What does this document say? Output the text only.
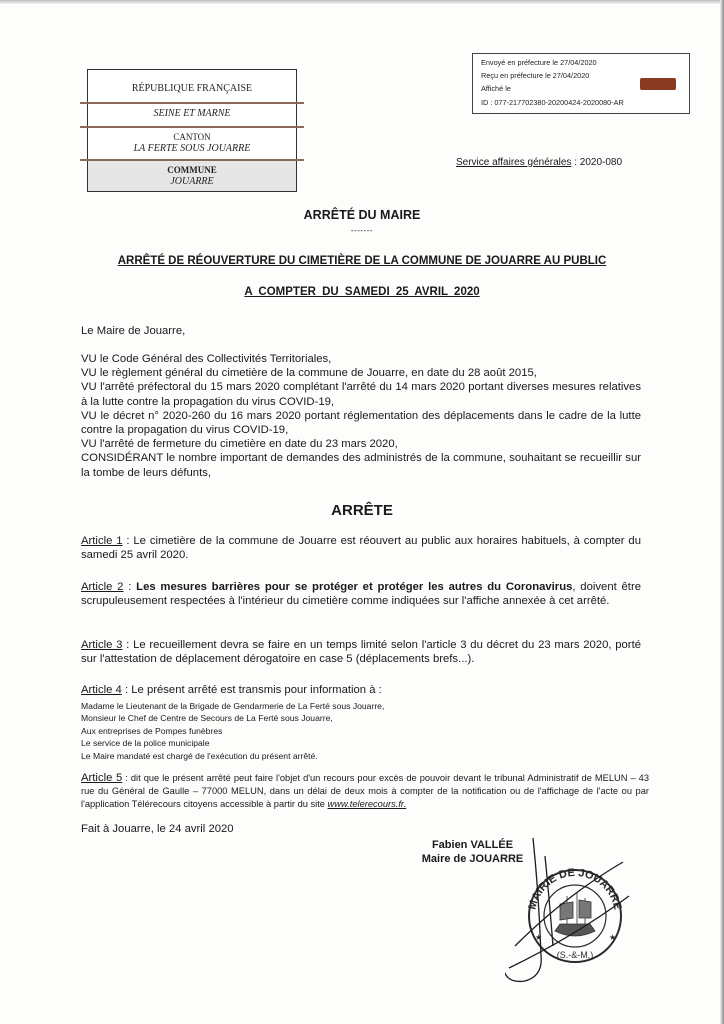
RÉPUBLIQUE FRANÇAISE
SEINE ET MARNE
CANTON
LA FERTE SOUS JOUARRE
COMMUNE
JOUARRE
Envoyé en préfecture le 27/04/2020
Reçu en préfecture le 27/04/2020
Affiché le
ID : 077-217702380-20200424-2020080-AR
Service affaires générales : 2020-080
ARRÊTÉ DU MAIRE
-------
ARRÊTÉ DE RÉOUVERTURE DU CIMETIÈRE DE LA COMMUNE DE JOUARRE AU PUBLIC
A COMPTER DU SAMEDI 25 AVRIL 2020
Le Maire de Jouarre,
VU le Code Général des Collectivités Territoriales,
VU le règlement général du cimetière de la commune de Jouarre, en date du 28 août 2015,
VU l'arrêté préfectoral du 15 mars 2020 complétant l'arrêté du 14 mars 2020 portant diverses mesures relatives à la lutte contre la propagation du virus COVID-19,
VU le décret n° 2020-260 du 16 mars 2020 portant réglementation des déplacements dans le cadre de la lutte contre la propagation du virus COVID-19,
VU l'arrêté de fermeture du cimetière en date du 23 mars 2020,
CONSIDÉRANT le nombre important de demandes des administrés de la commune, souhaitant se recueillir sur la tombe de leurs défunts,
ARRÊTE
Article 1 : Le cimetière de la commune de Jouarre est réouvert au public aux horaires habituels, à compter du samedi 25 avril 2020.
Article 2 : Les mesures barrières pour se protéger et protéger les autres du Coronavirus, doivent être scrupuleusement respectées à l'intérieur du cimetière comme indiquées sur l'affiche annexée à cet arrêté.
Article 3 : Le recueillement devra se faire en un temps limité selon l'article 3 du décret du 23 mars 2020, porté sur l'attestation de déplacement dérogatoire en case 5 (déplacements brefs...).
Article 4 : Le présent arrêté est transmis pour information à :
Madame le Lieutenant de la Brigade de Gendarmerie de La Ferté sous Jouarre,
Monsieur le Chef de Centre de Secours de La Ferté sous Jouarre,
Aux entreprises de Pompes funèbres
Le service de la police municipale
Le Maire mandaté est chargé de l'exécution du présent arrêté.
Article 5 : dit que le présent arrêté peut faire l'objet d'un recours pour excès de pouvoir devant le tribunal Administratif de MELUN – 43 rue du Général de Gaulle – 77000 MELUN, dans un délai de deux mois à compter de la notification ou de l'affichage de l'acte ou par l'application Télérecours citoyens accessible à partir du site www.telerecours.fr.
Fait à Jouarre, le 24 avril 2020
Fabien VALLÉE
Maire de JOUARRE
MAIRIE DE JOUARRE
(S.-&-M.)
★	★
